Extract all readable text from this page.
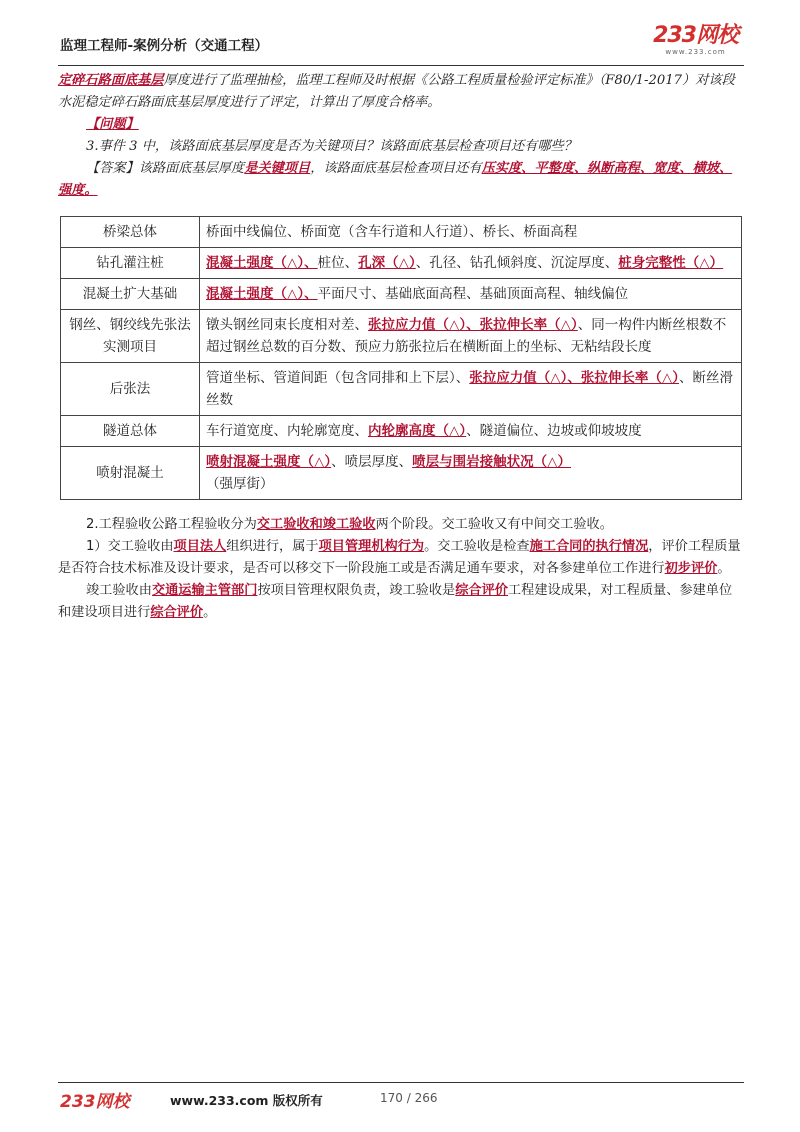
监理工程师-案例分析（交通工程）	233网校
www.233.com

定碎石路面底基层厚度进行了监理抽检，监理工程师及时根据《公路工程质量检验评定标准》（F80/1-2017）对该段水泥稳定碎石路面底基层厚度进行了评定，计算出了厚度合格率。

【问题】

3.事件 3 中，该路面底基层厚度是否为关键项目？该路面底基层检查项目还有哪些？

【答案】该路面底基层厚度是关键项目，该路面底基层检查项目还有压实度、平整度、纵断高程、宽度、横坡、强度。

桥梁总体	桥面中线偏位、桥面宽（含车行道和人行道）、桥长、桥面高程
钻孔灌注桩	混凝土强度（△）、桩位、孔深（△）、孔径、钻孔倾斜度、沉淀厚度、桩身完整性（△）
混凝土扩大基础	混凝土强度（△）、平面尺寸、基础底面高程、基础顶面高程、轴线偏位
钢丝、钢绞线先张法实测项目	镦头钢丝同束长度相对差、张拉应力值（△）、张拉伸长率（△）、同一构件内断丝根数不超过钢丝总数的百分数、预应力筋张拉后在横断面上的坐标、无粘结段长度
后张法	管道坐标、管道间距（包含同排和上下层）、张拉应力值（△）、张拉伸长率（△）、断丝滑丝数
隧道总体	车行道宽度、内轮廓宽度、内轮廓高度（△）、隧道偏位、边坡或仰坡坡度
喷射混凝土	喷射混凝土强度（△）、喷层厚度、喷层与围岩接触状况（△）
（强厚街）

2.工程验收公路工程验收分为交工验收和竣工验收两个阶段。交工验收又有中间交工验收。

1）交工验收由项目法人组织进行，属于项目管理机构行为。交工验收是检查施工合同的执行情况，评价工程质量是否符合技术标准及设计要求，是否可以移交下一阶段施工或是否满足通车要求，对各参建单位工作进行初步评价。

竣工验收由交通运输主管部门按项目管理权限负责，竣工验收是综合评价工程建设成果，对工程质量、参建单位和建设项目进行综合评价。

233网校	www.233.com 版权所有	170 / 266
